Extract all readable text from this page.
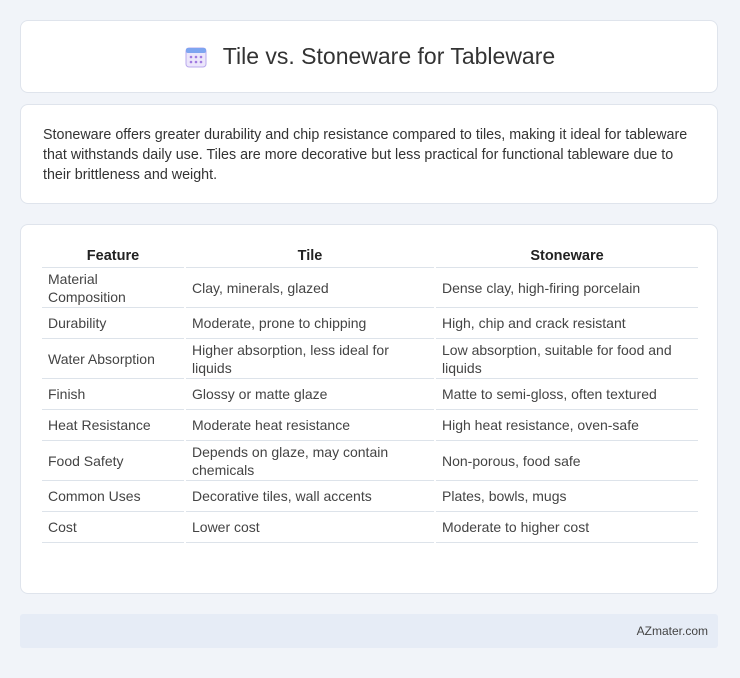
Tile vs. Stoneware for Tableware

Stoneware offers greater durability and chip resistance compared to tiles, making it ideal for tableware that withstands daily use. Tiles are more decorative but less practical for functional tableware due to their brittleness and weight.

Feature	Tile	Stoneware
Material Composition	Clay, minerals, glazed	Dense clay, high-firing porcelain
Durability	Moderate, prone to chipping	High, chip and crack resistant
Water Absorption	Higher absorption, less ideal for liquids	Low absorption, suitable for food and liquids
Finish	Glossy or matte glaze	Matte to semi-gloss, often textured
Heat Resistance	Moderate heat resistance	High heat resistance, oven-safe
Food Safety	Depends on glaze, may contain chemicals	Non-porous, food safe
Common Uses	Decorative tiles, wall accents	Plates, bowls, mugs
Cost	Lower cost	Moderate to higher cost
AZmater.com
